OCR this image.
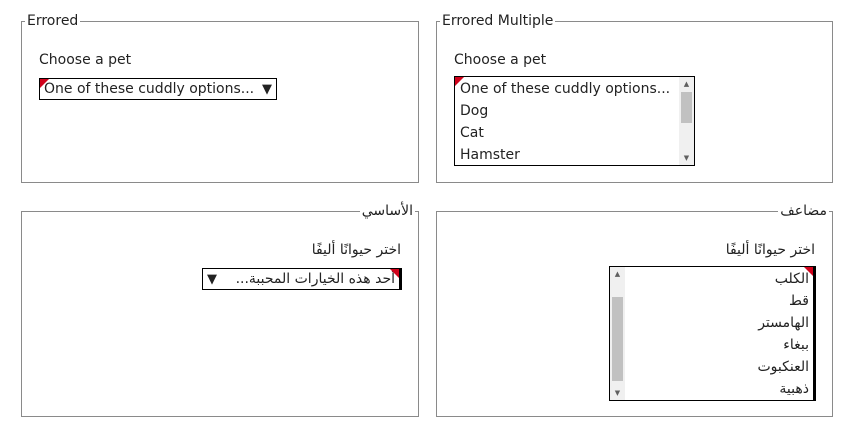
Errored
Choose a pet
One of these cuddly options... ▼
Errored Multiple
Choose a pet
One of these cuddly options...
Dog
Cat
Hamster
▲
▼
الأساسي
اختر حيوانًا أليفًا
أحد هذه الخيارات المحببة...
▼
مضاعف
اختر حيوانًا أليفًا
الكلب
قط
الهامستر
ببغاء
العنكبوت
ذهبية
▲
▼
